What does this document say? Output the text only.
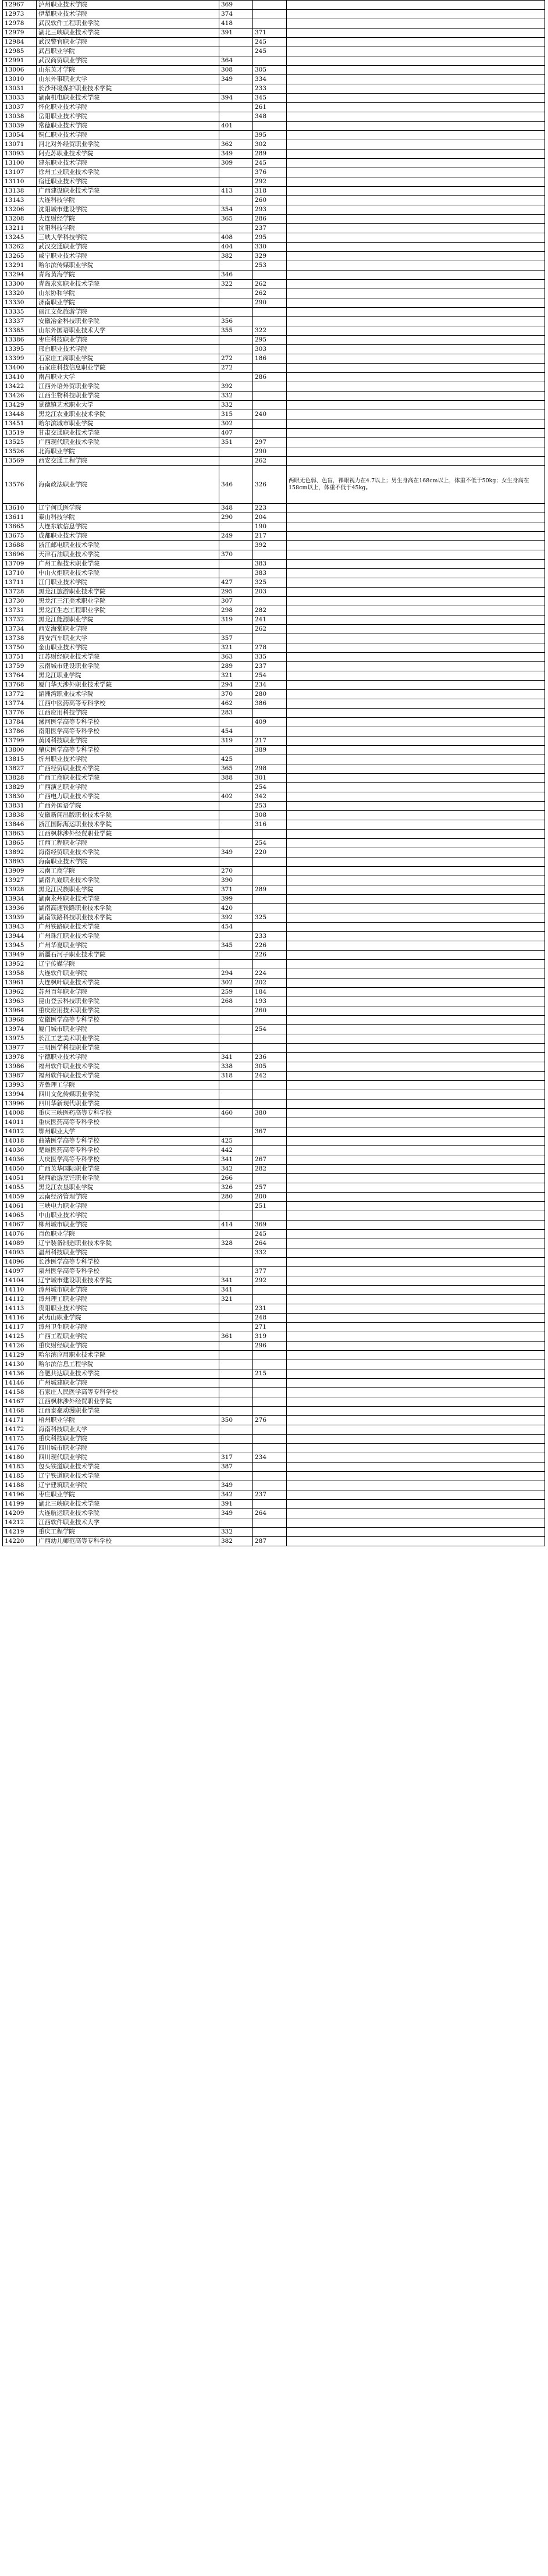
12967	泸州职业技术学院	369		
12973	伊犁职业技术学院	374		
12978	武汉软件工程职业学院	418		
12979	湖北三峡职业技术学院	391	371	
12984	武汉警官职业学院		245	
12985	武昌职业学院		245	
12991	武汉商贸职业学院	364		
13006	山东英才学院	308	305	
13010	山东外事职业大学	349	334	
13031	长沙环境保护职业技术学院		233	
13033	湖南机电职业技术学院	394	345	
13037	怀化职业技术学院		261	
13038	岳阳职业技术学院		348	
13039	常德职业技术学院	401		
13054	铜仁职业技术学院		395	
13071	河北对外经贸职业学院	362	302	
13093	阿克苏职业技术学院	349	289	
13100	建东职业技术学院	309	245	
13107	徐州工业职业技术学院		376	
13110	宿迁职业技术学院		292	
13138	广西建设职业技术学院	413	318	
13143	大连科技学院		260	
13206	沈阳城市建设学院	354	293	
13208	大连财经学院	365	286	
13211	沈阳科技学院		237	
13245	三峡大学科技学院	408	295	
13262	武汉交通职业学院	404	330	
13265	咸宁职业技术学院	382	329	
13291	哈尔滨传媒职业学院		253	
13294	青岛黄海学院	346		
13300	青岛求实职业技术学院	322	262	
13320	山东协和学院		262	
13330	济南职业学院		290	
13335	丽江文化旅游学院			
13337	安徽冶金科技职业学院	356		
13385	山东外国语职业技术大学	355	322	
13386	枣庄科技职业学院		295	
13395	邢台职业技术学院		303	
13399	石家庄工商职业学院	272	186	
13400	石家庄科技信息职业学院	272		
13410	南昌职业大学		286	
13422	江西外语外贸职业学院	392		
13426	江西生物科技职业学院	332		
13429	景德镇艺术职业大学	332		
13448	黑龙江农业职业技术学院	315	240	
13451	哈尔滨城市职业学院	302		
13519	甘肃交通职业技术学院	407		
13525	广西现代职业技术学院	351	297	
13526	北海职业学院		290	
13569	西安交通工程学院		262	
13576	海南政法职业学院	346	326	两眼无色弱、色盲，裸眼视力在4.7以上；男生身高在168cm以上，体重不低于50kg；女生身高在158cm以上，体重不低于45kg。
13610	辽宁何氏医学院	348	223	
13611	泰山科技学院	290	204	
13665	大连东软信息学院		190	
13675	成都职业技术学院	249	217	
13688	浙江邮电职业技术学院		392	
13696	天津石油职业技术学院	370		
13709	广州工程技术职业学院		383	
13710	中山火炬职业技术学院		383	
13711	江门职业技术学院	427	325	
13728	黑龙江旅游职业技术学院	295	203	
13730	黑龙江三江美术职业学院	307		
13731	黑龙江生态工程职业学院	298	282	
13732	黑龙江能源职业学院	319	241	
13734	西安海棠职业学院		262	
13738	西安汽车职业大学	357		
13750	金山职业技术学院	321	278	
13751	江苏财经职业技术学院	363	335	
13759	云南城市建设职业学院	289	237	
13764	黑龙江职业学院	321	254	
13768	厦门华天涉外职业技术学院	294	234	
13772	湄洲湾职业技术学院	370	280	
13774	江西中医药高等专科学校	462	386	
13776	江西应用科技学院	283		
13784	漯河医学高等专科学校		409	
13786	南阳医学高等专科学校	454		
13799	黄冈科技职业学院	319	217	
13800	肇庆医学高等专科学校		389	
13815	忻州职业技术学院	425		
13827	广西经贸职业技术学院	365	298	
13828	广西工商职业技术学院	388	301	
13829	广西演艺职业学院		254	
13830	广西电力职业技术学院	402	342	
13831	广西外国语学院		253	
13838	安徽新闻出版职业技术学院		308	
13846	浙江国际海运职业技术学院		316	
13863	江西枫林涉外经贸职业学院			
13865	江西工程职业学院		254	
13892	海南经贸职业技术学院	349	220	
13893	海南职业技术学院			
13909	云南工商学院	270		
13927	湖南九嶷职业技术学院	390		
13928	黑龙江民族职业学院	371	289	
13934	湖南永州职业技术学院	399		
13936	湖南高速铁路职业技术学院	420		
13939	湖南铁路科技职业技术学院	392	325	
13943	广州铁路职业技术学院	454		
13944	广州珠江职业技术学院		233	
13945	广州华夏职业学院	345	226	
13949	新疆石河子职业技术学院		226	
13952	辽宁传媒学院			
13958	大连软件职业学院	294	224	
13961	大连枫叶职业技术学院	302	202	
13962	苏州百年职业学院	259	184	
13963	昆山登云科技职业学院	268	193	
13964	重庆应用技术职业学院		260	
13968	安徽医学高等专科学校			
13974	厦门城市职业学院		254	
13975	长江工艺美术职业学院			
13977	三明医学科技职业学院			
13978	宁德职业技术学院	341	236	
13986	福州软件职业技术学院	338	305	
13987	福州软件职业技术学院	318	242	
13993	齐鲁理工学院			
13994	四川文化传媒职业学院			
13996	四川华新现代职业学院			
14008	重庆三峡医药高等专科学校	460	380	
14011	重庆医药高等专科学校			
14012	鄂州职业大学		367	
14018	曲靖医学高等专科学校	425		
14030	楚雄医药高等专科学校	442		
14036	大庆医学高等专科学校	341	267	
14050	广西英华国际职业学院	342	282	
14051	陕西旅游烹饪职业学院	266		
14055	黑龙江农垦职业学院	326	257	
14059	云南经济管理学院	280	200	
14061	三峡电力职业学院		251	
14065	中山职业技术学院			
14067	柳州城市职业学院	414	369	
14076	百色职业学院		245	
14089	辽宁装备制造职业技术学院	328	264	
14093	温州科技职业学院		332	
14096	长沙医学高等专科学校			
14097	泉州医学高等专科学校		377	
14104	辽宁城市建设职业技术学院	341	292	
14110	漳州城市职业学院	341		
14112	漳州理工职业学院	321		
14113	贵阳职业技术学院		231	
14116	武夷山职业学院		248	
14117	漳州卫生职业学院		271	
14125	广西工程职业学院	361	319	
14126	重庆财经职业学院		296	
14129	哈尔滨应用职业技术学院			
14130	哈尔滨信息工程学院			
14136	合肥共达职业技术学院		215	
14146	广州城建职业学院			
14158	石家庄人民医学高等专科学校			
14167	江西枫林涉外经贸职业学院			
14168	江西泰豪动漫职业学院			
14171	梧州职业学院	350	276	
14172	海南科技职业大学			
14175	重庆科技职业学院			
14176	四川城市职业学院			
14180	四川现代职业学院	317	234	
14183	包头铁道职业技术学院	387		
14185	辽宁铁道职业技术学院			
14188	辽宁建筑职业学院	349		
14196	枣庄职业学院	342	237	
14199	湖北三峡职业技术学院	391		
14209	大连航运职业技术学院	349	264	
14212	江西软件职业技术大学			
14219	重庆工程学院	332		
14220	广西幼儿师范高等专科学校	382	287	
